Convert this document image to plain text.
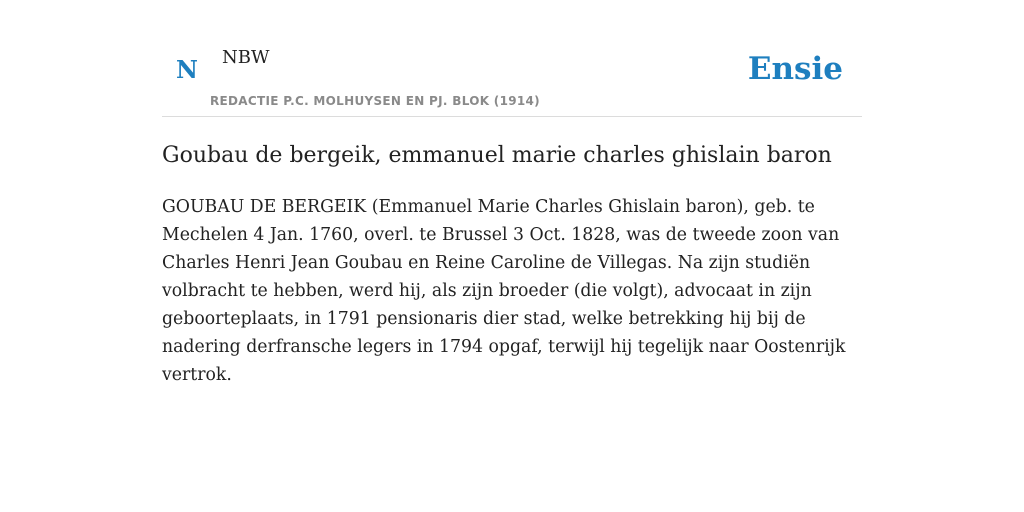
N NBW
REDACTIE P.C. MOLHUYSEN EN PJ. BLOK (1914)
Ensie
Goubau de bergeik, emmanuel marie charles ghislain baron

GOUBAU DE BERGEIK (Emmanuel Marie Charles Ghislain baron), geb. te Mechelen 4 Jan. 1760, overl. te Brussel 3 Oct. 1828, was de tweede zoon van Charles Henri Jean Goubau en Reine Caroline de Villegas. Na zijn studiën volbracht te hebben, werd hij, als zijn broeder (die volgt), advocaat in zijn geboorteplaats, in 1791 pensionaris dier stad, welke betrekking hij bij de nadering derfransche legers in 1794 opgaf, terwijl hij tegelijk naar Oostenrijk vertrok.
